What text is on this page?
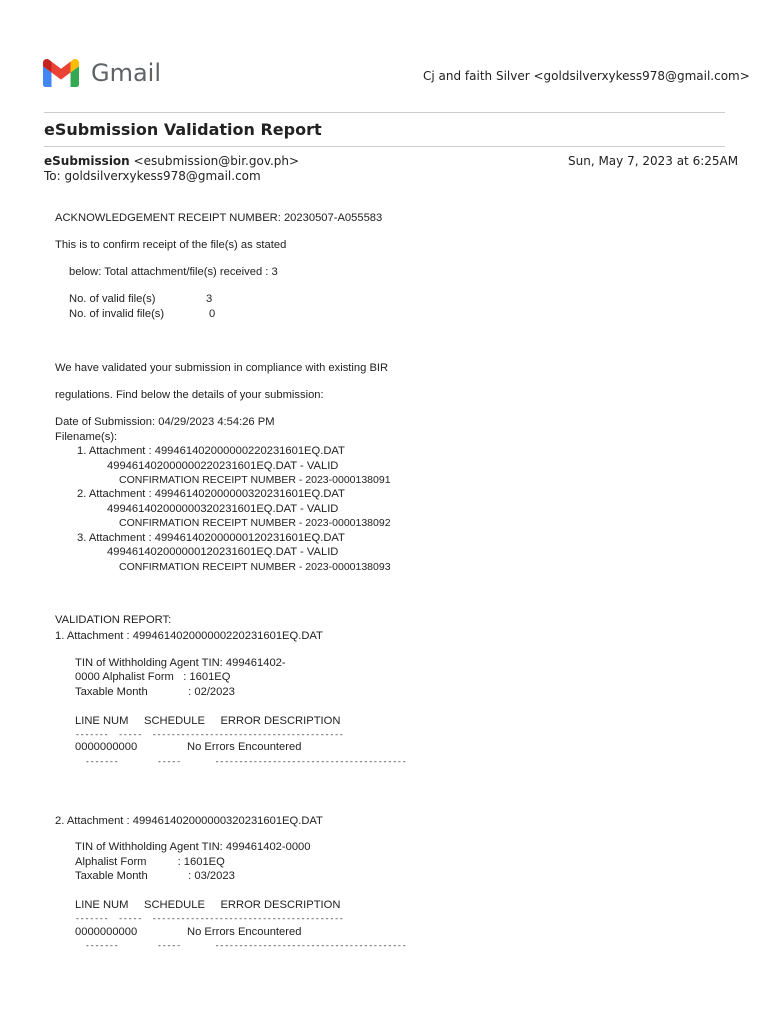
Gmail	Cj and faith Silver <goldsilverxykess978@gmail.com>
eSubmission Validation Report
eSubmission <esubmission@bir.gov.ph>	Sun, May 7, 2023 at 6:25AM
To: goldsilverxykess978@gmail.com
ACKNOWLEDGEMENT RECEIPT NUMBER: 20230507-A055583
This is to confirm receipt of the file(s) as stated
below: Total attachment/file(s) received : 3
No. of valid file(s)	3
No. of invalid file(s)	0
We have validated your submission in compliance with existing BIR
regulations. Find below the details of your submission:
Date of Submission: 04/29/2023 4:54:26 PM
Filename(s):
1. Attachment : 499461402000000220231601EQ.DAT
499461402000000220231601EQ.DAT - VALID
CONFIRMATION RECEIPT NUMBER - 2023-0000138091
2. Attachment : 499461402000000320231601EQ.DAT
499461402000000320231601EQ.DAT - VALID
CONFIRMATION RECEIPT NUMBER - 2023-0000138092
3. Attachment : 499461402000000120231601EQ.DAT
499461402000000120231601EQ.DAT - VALID
CONFIRMATION RECEIPT NUMBER - 2023-0000138093
VALIDATION REPORT:
1. Attachment : 499461402000000220231601EQ.DAT
TIN of Withholding Agent TIN: 499461402-
0000 Alphalist Form   : 1601EQ
Taxable Month             : 02/2023
LINE NUM     SCHEDULE     ERROR DESCRIPTION
-------  -----  ----------------------------------------
0000000000	No Errors Encountered
-------        -----       ----------------------------------------
2. Attachment : 499461402000000320231601EQ.DAT
TIN of Withholding Agent TIN: 499461402-0000
Alphalist Form          : 1601EQ
Taxable Month             : 03/2023
LINE NUM     SCHEDULE     ERROR DESCRIPTION
-------  -----  ----------------------------------------
0000000000	No Errors Encountered
-------        -----       ----------------------------------------
